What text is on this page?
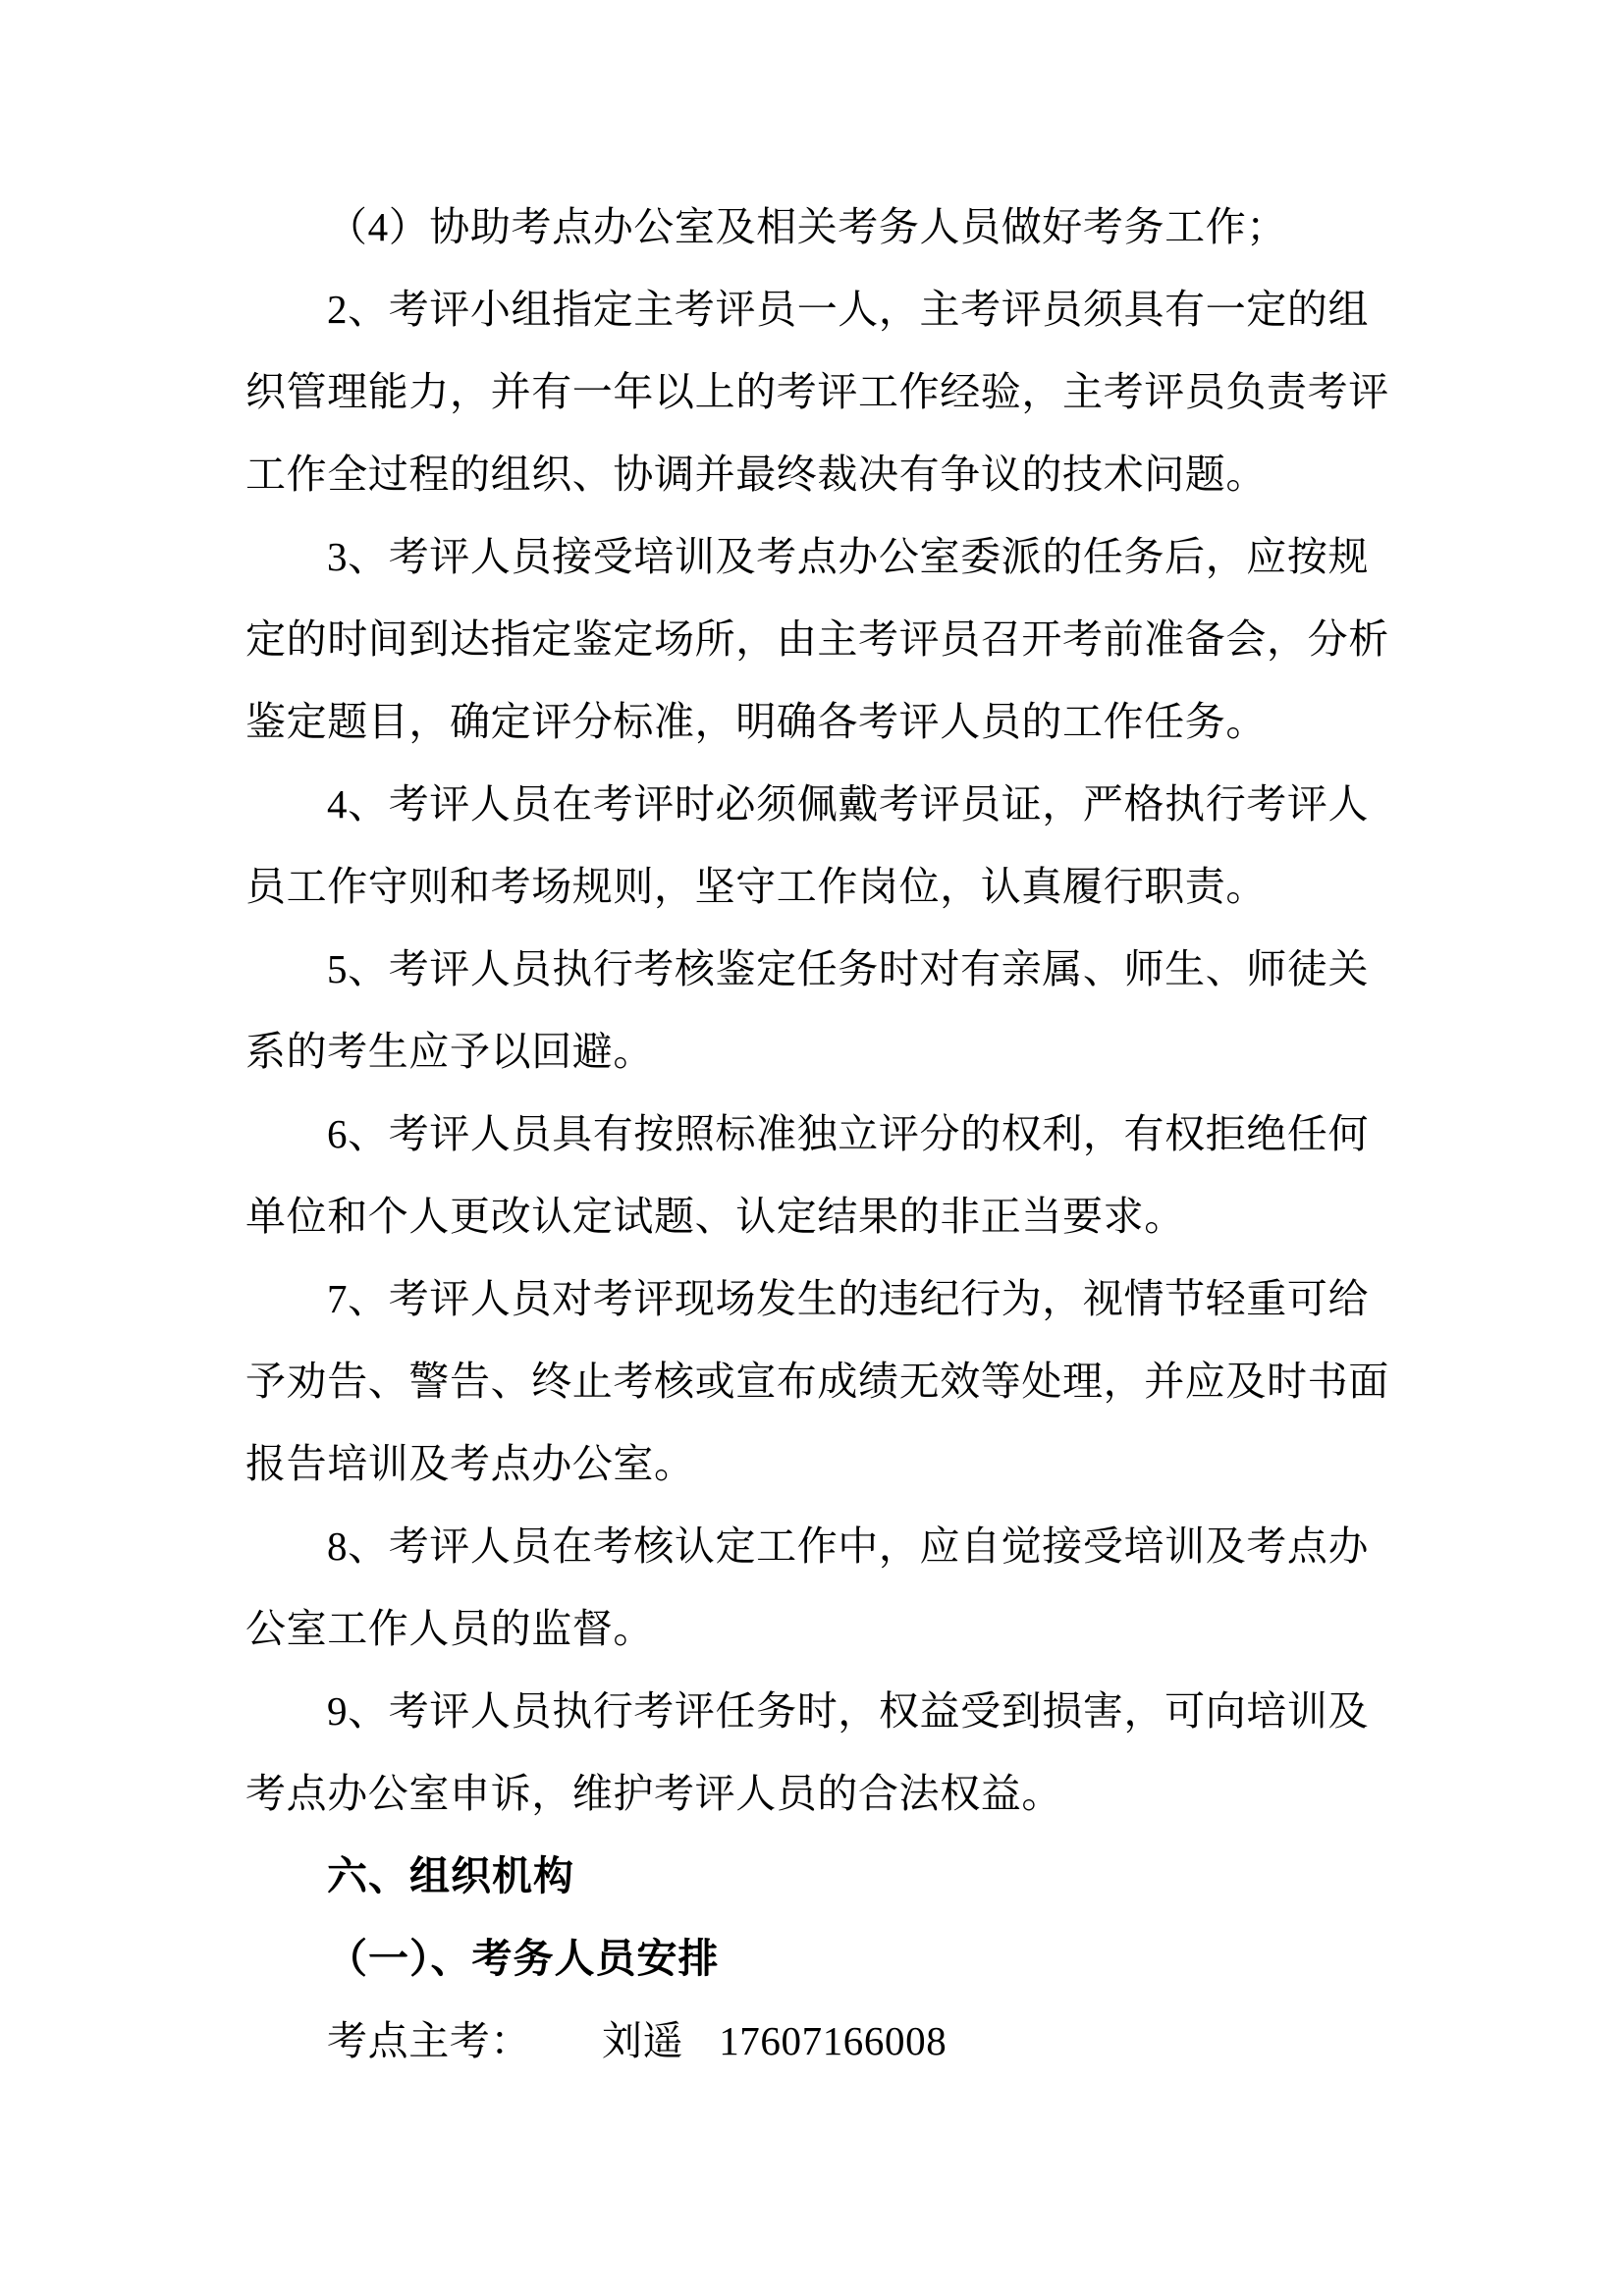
（4）协助考点办公室及相关考务人员做好考务工作；
2、考评小组指定主考评员一人，主考评员须具有一定的组
织管理能力，并有一年以上的考评工作经验，主考评员负责考评
工作全过程的组织、协调并最终裁决有争议的技术问题。
3、考评人员接受培训及考点办公室委派的任务后，应按规
定的时间到达指定鉴定场所，由主考评员召开考前准备会，分析
鉴定题目，确定评分标准，明确各考评人员的工作任务。
4、考评人员在考评时必须佩戴考评员证，严格执行考评人
员工作守则和考场规则，坚守工作岗位，认真履行职责。
5、考评人员执行考核鉴定任务时对有亲属、师生、师徒关
系的考生应予以回避。
6、考评人员具有按照标准独立评分的权利，有权拒绝任何
单位和个人更改认定试题、认定结果的非正当要求。
7、考评人员对考评现场发生的违纪行为，视情节轻重可给
予劝告、警告、终止考核或宣布成绩无效等处理，并应及时书面
报告培训及考点办公室。
8、考评人员在考核认定工作中，应自觉接受培训及考点办
公室工作人员的监督。
9、考评人员执行考评任务时，权益受到损害，可向培训及
考点办公室申诉，维护考评人员的合法权益。
六、组织机构
（一）、考务人员安排
考点主考： 刘遥 17607166008
